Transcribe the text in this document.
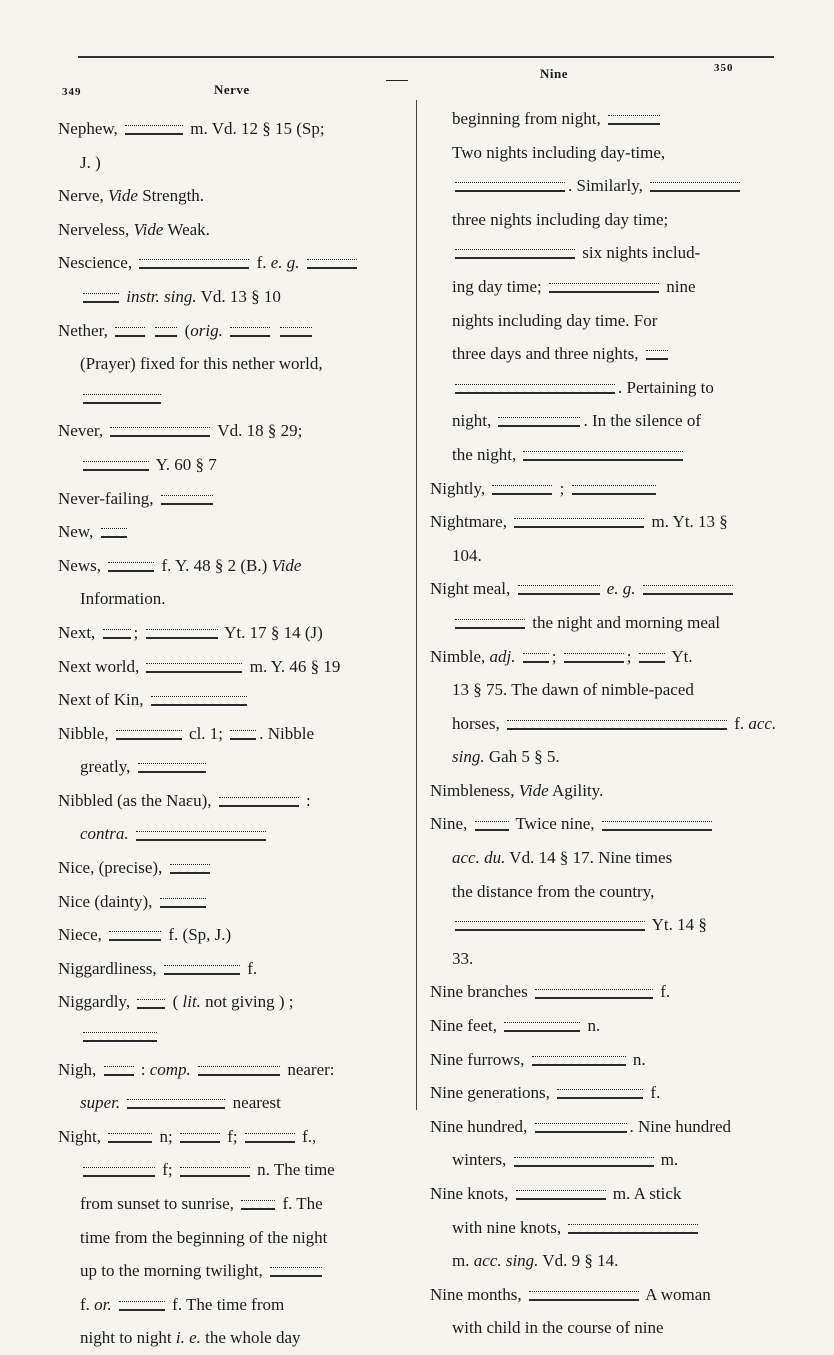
349	Nerve
Nine	350
Nephew,	m. Vd. 12 § 15 (Sp;
J. )
Nerve, Vide Strength.
Nerveless, Vide Weak.
Nescience,	f. e. g.
instr. sing. Vd. 13 § 10
Nether,	(orig.
(Prayer) fixed for this nether world,
Never,	Vd. 18 § 29;
Y. 60 § 7
Never-failing,
New,
News,	f. Y. 48 § 2 (B.) Vide
Information.
Next, ;	Yt. 17 § 14 (J)
Next world,	m. Y. 46 § 19
Next of Kin,
Nibble,	cl. 1; . Nibble
greatly,
Nibbled (as the Naɛu),	:
contra.
Nice, (precise),
Nice (dainty),
Niece,	f. (Sp, J.)
Niggardliness,	f.
Niggardly,  ( lit. not giving ) ;
Nigh,  : comp.	nearer:
super.	nearest
Night,	n;	f;	f.,
f;	n. The time
from sunset to sunrise,  f. The
time from the beginning of the night
up to the morning twilight,
f. or.	f. The time from
night to night i. e. the whole day
beginning from night,
Two nights including day-time,
. Similarly,
three nights including day time;
six nights includ-
ing day time;	nine
nights including day time. For
three days and three nights,
. Pertaining to
night,	. In the silence of
the night,
Nightly,	;
Nightmare,	m. Yt. 13 §
104.
Night meal,	e. g.
the night and morning meal
Nimble, adj. ;	;  Yt.
13 § 75. The dawn of nimble-paced
horses,	f. acc.
sing. Gah 5 § 5.
Nimbleness, Vide Agility.
Nine,  Twice nine,
acc. du. Vd. 14 § 17. Nine times
the distance from the country,
Yt. 14 §
33.
Nine branches	f.
Nine feet,	n.
Nine furrows,	n.
Nine generations,	f.
Nine hundred,	. Nine hundred
winters,	m.
Nine knots,	m. A stick
with nine knots,
m. acc. sing. Vd. 9 § 14.
Nine months,	A woman
with child in the course of nine
